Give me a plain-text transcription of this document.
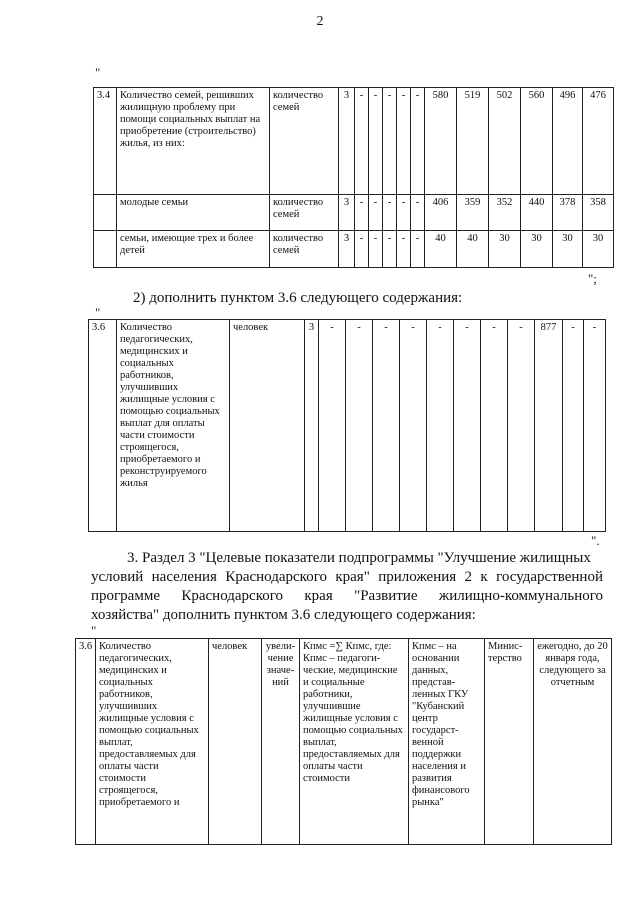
2
"
3.4	Количество семей, решивших жилищную проблему при помощи социальных выплат на приобретение (строительство) жилья, из них:	количество семей	3	-	-	-	-	-	580	519	502	560	496	476
	молодые семьи	количество семей	3	-	-	-	-	-	406	359	352	440	378	358
	семьи, имеющие трех и более детей	количество семей	3	-	-	-	-	-	40	40	30	30	30	30
";
2) дополнить пунктом 3.6 следующего содержания:
"
3.6	Количество педагогических, медицинских и социальных работников, улучшивших жилищные условия с помощью социальных выплат для оплаты части стоимости строящегося, приобретаемого и реконструируемого жилья	человек	3	-	-	-	-	-	-	-	-	877	-	-
".
3. Раздел 3 "Целевые показатели подпрограммы "Улучшение жилищных
условий населения Краснодарского края" приложения 2 к государственной
программе Краснодарского края "Развитие жилищно-коммунального
хозяйства" дополнить пунктом 3.6 следующего содержания:
"
3.6	Количество педагогических, медицинских и социальных работников, улучшивших жилищные условия с помощью социальных выплат, предоставляемых для оплаты части стоимости строящегося, приобретаемого и	человек	увели-чение значе-ний	Кпмс =∑ Кпмс, где: Кпмс – педагоги-ческие, медицинские и социальные работники, улучшившие жилищные условия с помощью социальных выплат, предоставляемых для оплаты части стоимости	Кпмс – на основании данных, представ-ленных ГКУ "Кубанский центр государст-венной поддержки населения и развития финансового рынка"	Минис-терство	ежегодно, до 20 января года, следующего за отчетным
